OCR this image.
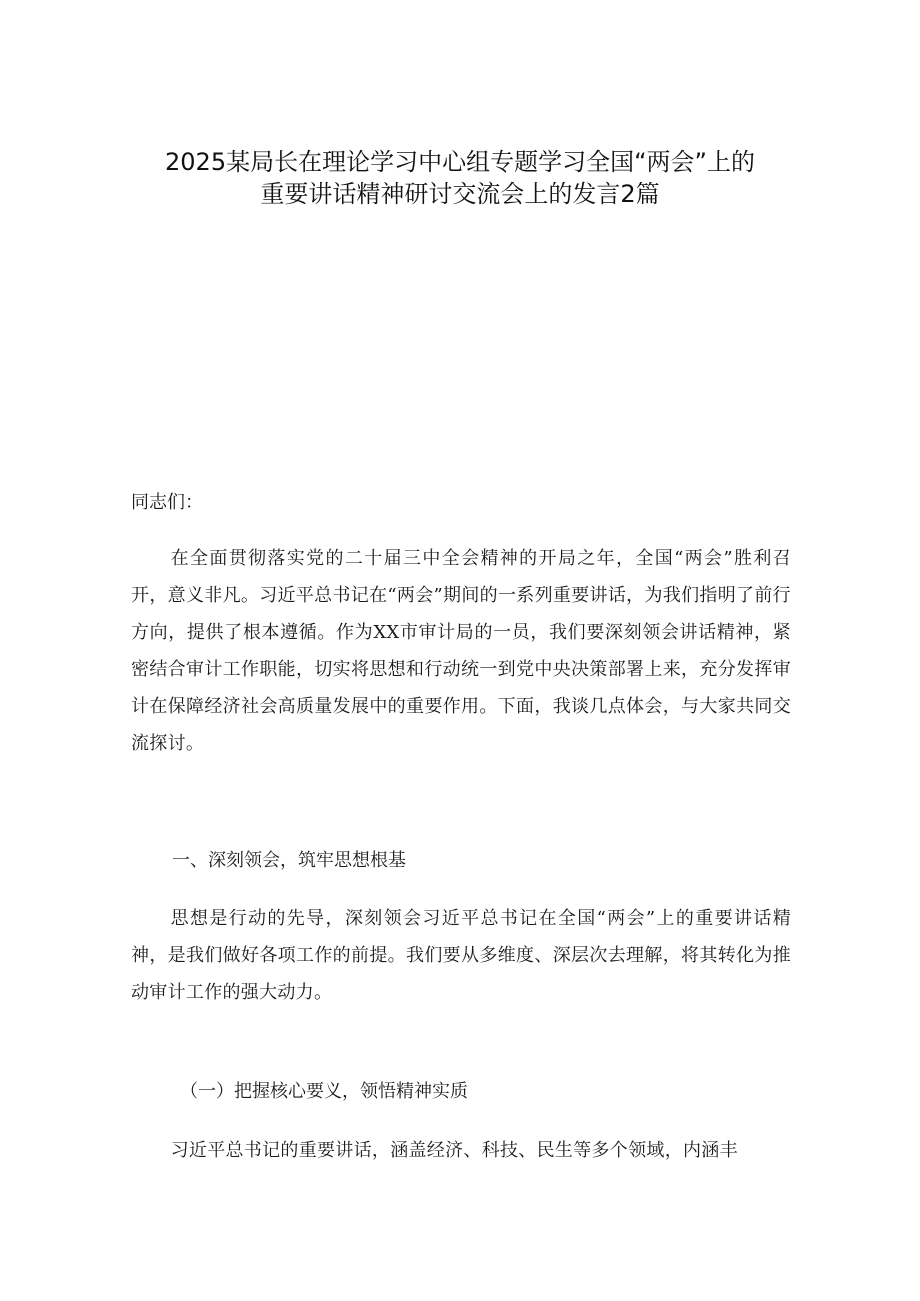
2025某局长在理论学习中心组专题学习全国“两会”上的
重要讲话精神研讨交流会上的发言2篇
同志们：
在全面贯彻落实党的二十届三中全会精神的开局之年，全国“两会”胜利召开，意义非凡。习近平总书记在“两会”期间的一系列重要讲话，为我们指明了前行方向，提供了根本遵循。作为XX市审计局的一员，我们要深刻领会讲话精神，紧密结合审计工作职能，切实将思想和行动统一到党中央决策部署上来，充分发挥审计在保障经济社会高质量发展中的重要作用。下面，我谈几点体会，与大家共同交流探讨。
一、深刻领会，筑牢思想根基
思想是行动的先导，深刻领会习近平总书记在全国“两会”上的重要讲话精神，是我们做好各项工作的前提。我们要从多维度、深层次去理解，将其转化为推动审计工作的强大动力。
（一）把握核心要义，领悟精神实质
习近平总书记的重要讲话，涵盖经济、科技、民生等多个领域，内涵丰
